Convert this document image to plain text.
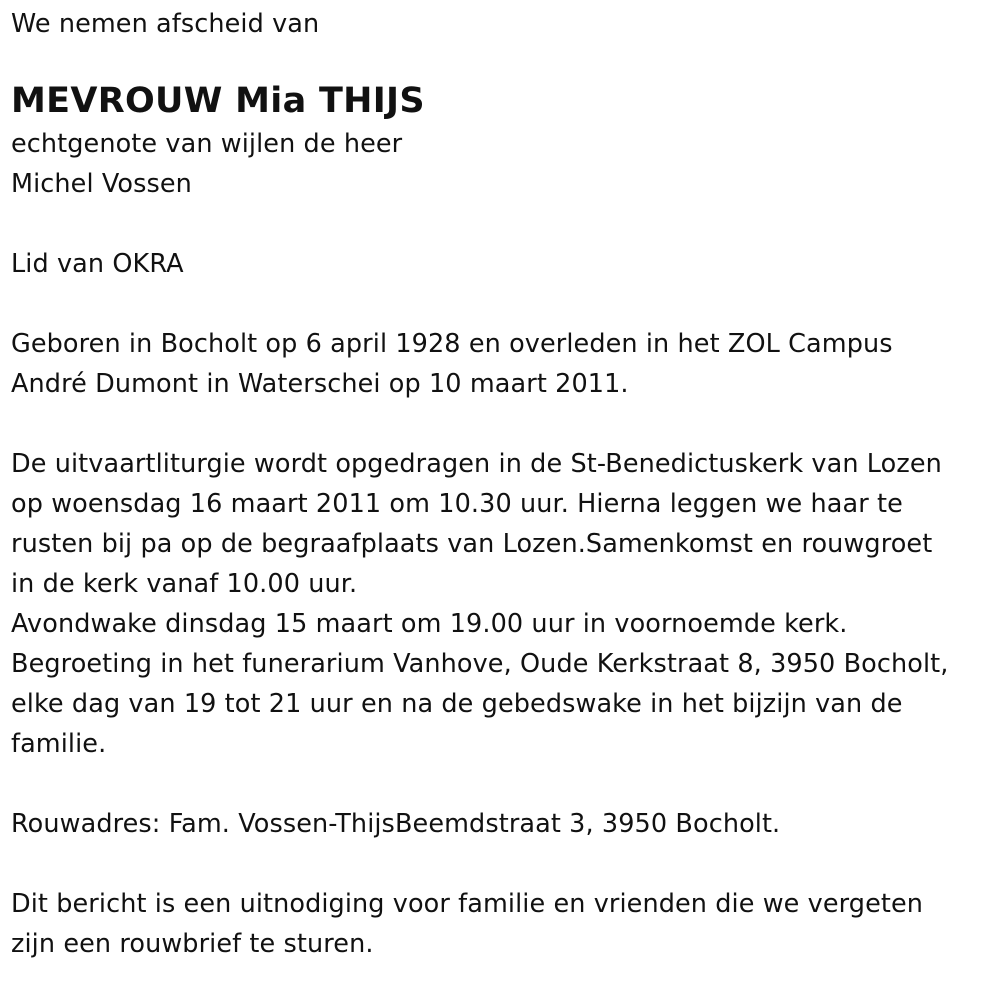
We nemen afscheid van

MEVROUW Mia THIJS

echtgenote van wijlen de heer

Michel Vossen

Lid van OKRA

Geboren in Bocholt op 6 april 1928 en overleden in het ZOL Campus
André Dumont in Waterschei op 10 maart 2011.
De uitvaartliturgie wordt opgedragen in de St-Benedictuskerk van Lozen
op woensdag 16 maart 2011 om 10.30 uur. Hierna leggen we haar te
rusten bij pa op de begraafplaats van Lozen.Samenkomst en rouwgroet
in de kerk vanaf 10.00 uur.
Avondwake dinsdag 15 maart om 19.00 uur in voornoemde kerk.
Begroeting in het funerarium Vanhove, Oude Kerkstraat 8, 3950 Bocholt,
elke dag van 19 tot 21 uur en na de gebedswake in het bijzijn van de
familie.

Rouwadres: Fam. Vossen-ThijsBeemdstraat 3, 3950 Bocholt.

Dit bericht is een uitnodiging voor familie en vrienden die we vergeten
zijn een rouwbrief te sturen.
